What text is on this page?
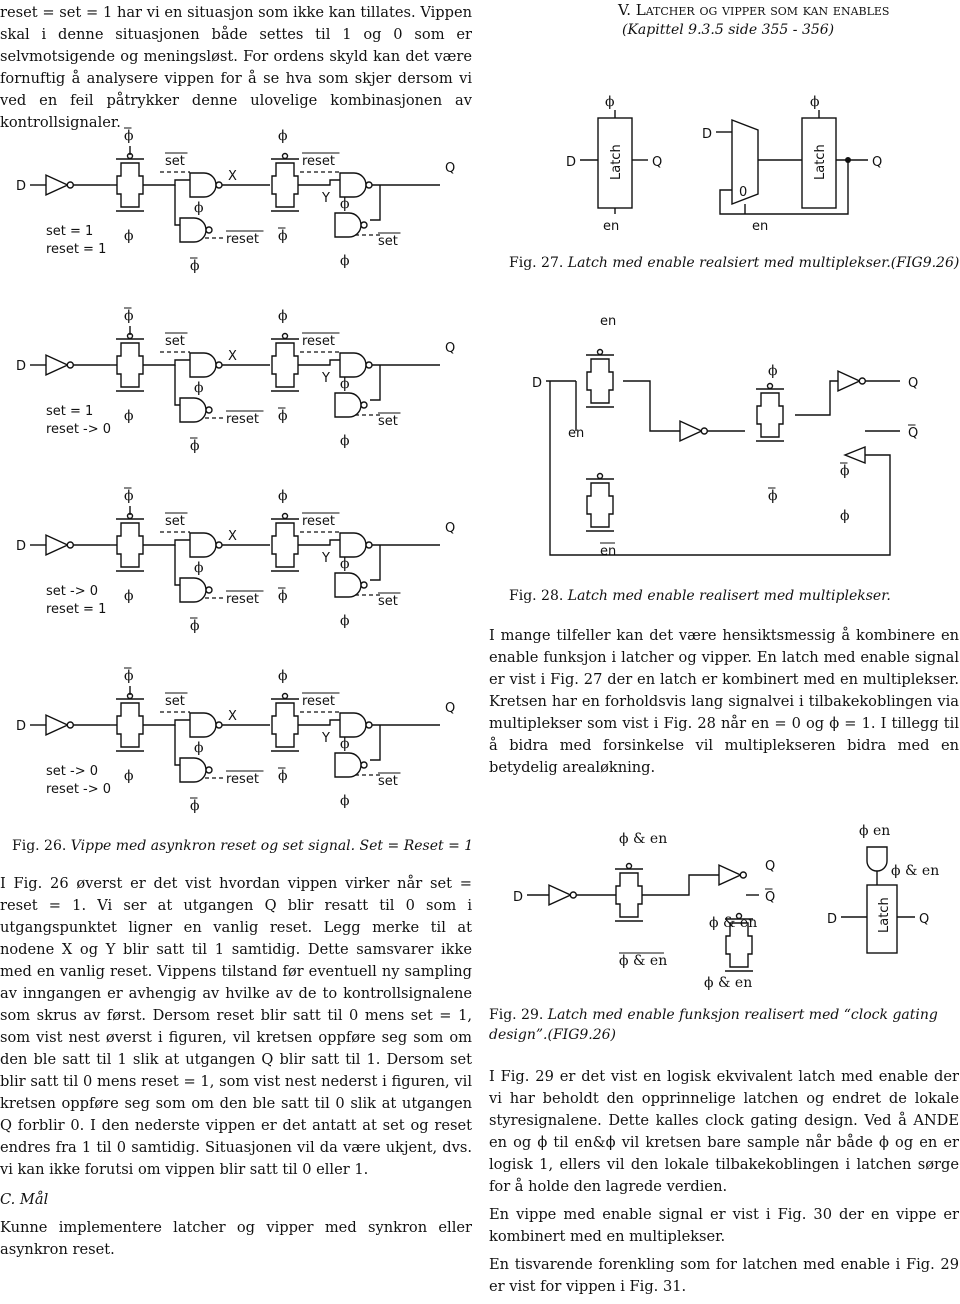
reset = set = 1 har vi en situasjon som ikke kan tillates. Vippen skal i denne situasjonen både settes til 1 og 0 som er selvmotsigende og meningsløst. For ordens skyld kan det være fornuftig å analysere vippen for å se hva som skjer dersom vi ved en feil påtrykker denne ulovelige kombinasjonen av kontrollsignaler.

V. Latcher og vipper som kan enables
(Kapittel 9.3.5 side 355 - 356)
D
ϕ
ϕ
set
X
ϕ
ϕ
reset
Y
Q
ϕ
ϕ
reset
ϕ
ϕ
set
set = 1
reset = 1
D
ϕ
ϕ
set
X
ϕ
ϕ
reset
Y
Q
ϕ
ϕ
reset
ϕ
ϕ
set
set = 1
reset -> 0
D
ϕ
ϕ
set
X
ϕ
ϕ
reset
Y
Q
ϕ
ϕ
reset
ϕ
ϕ
set
set -> 0
reset = 1
D
ϕ
ϕ
set
X
ϕ
ϕ
reset
Y
Q
ϕ
ϕ
reset
ϕ
ϕ
set
set -> 0
reset -> 0
D	Latch Q
en
ϕ
D
0
en
Latch	Q
ϕ
Fig. 27. Latch med enable realsiert med multiplekser.(FIG9.26)
en
D
en
en
ϕ
ϕ
Q
Q
ϕ
ϕ
Fig. 28. Latch med enable realisert med multiplekser.

I mange tilfeller kan det være hensiktsmessig å kombinere en enable funksjon i latcher og vipper. En latch med enable signal er vist i Fig. 27 der en latch er kombinert med en multiplekser. Kretsen har en forholdsvis lang signalvei i tilbakekoblingen via multiplekser som vist i Fig. 28 når en = 0 og ϕ = 1. I tillegg til å bidra med forsinkelse vil multiplekseren bidra med en betydelig arealøkning.

Fig. 26. Vippe med asynkron reset og set signal. Set = Reset = 1

I Fig. 26 øverst er det vist hvordan vippen virker når set = reset = 1. Vi ser at utgangen Q blir resatt til 0 som i utgangspunktet ligner en vanlig reset. Legg merke til at nodene X og Y blir satt til 1 samtidig. Dette samsvarer ikke med en vanlig reset. Vippens tilstand før eventuell ny sampling av inngangen er avhengig av hvilke av de to kontrollsignalene som skrus av først. Dersom reset blir satt til 0 mens set = 1, som vist nest øverst i figuren, vil kretsen oppføre seg som om den ble satt til 1 slik at utgangen Q blir satt til 1. Dersom set blir satt til 0 mens reset = 1, som vist nest nederst i figuren, vil kretsen oppføre seg som om den ble satt til 0 slik at utgangen Q forblir 0. I den nederste vippen er det antatt at set og reset endres fra 1 til 0 samtidig. Situasjonen vil da være ukjent, dvs. vi kan ikke forutsi om vippen blir satt til 0 eller 1.

C. Mål

Kunne implementere latcher og vipper med synkron eller asynkron reset.

ϕ en
ϕ & en
D	Latch Q
ϕ & en
D
ϕ & en
Q
Q
ϕ & en
ϕ & en
Fig. 29. Latch med enable funksjon realisert med “clock gating design”.(FIG9.26)

I Fig. 29 er det vist en logisk ekvivalent latch med enable der vi har beholdt den opprinnelige latchen og endret de lokale styresignalene. Dette kalles clock gating design. Ved å ANDE en og ϕ til en&ϕ vil kretsen bare sample når både ϕ og en er logisk 1, ellers vil den lokale tilbakekoblingen i latchen sørge for å holde den lagrede verdien.

En vippe med enable signal er vist i Fig. 30 der en vippe er kombinert med en multiplekser.

En tisvarende forenkling som for latchen med enable i Fig. 29 er vist for vippen i Fig. 31.
